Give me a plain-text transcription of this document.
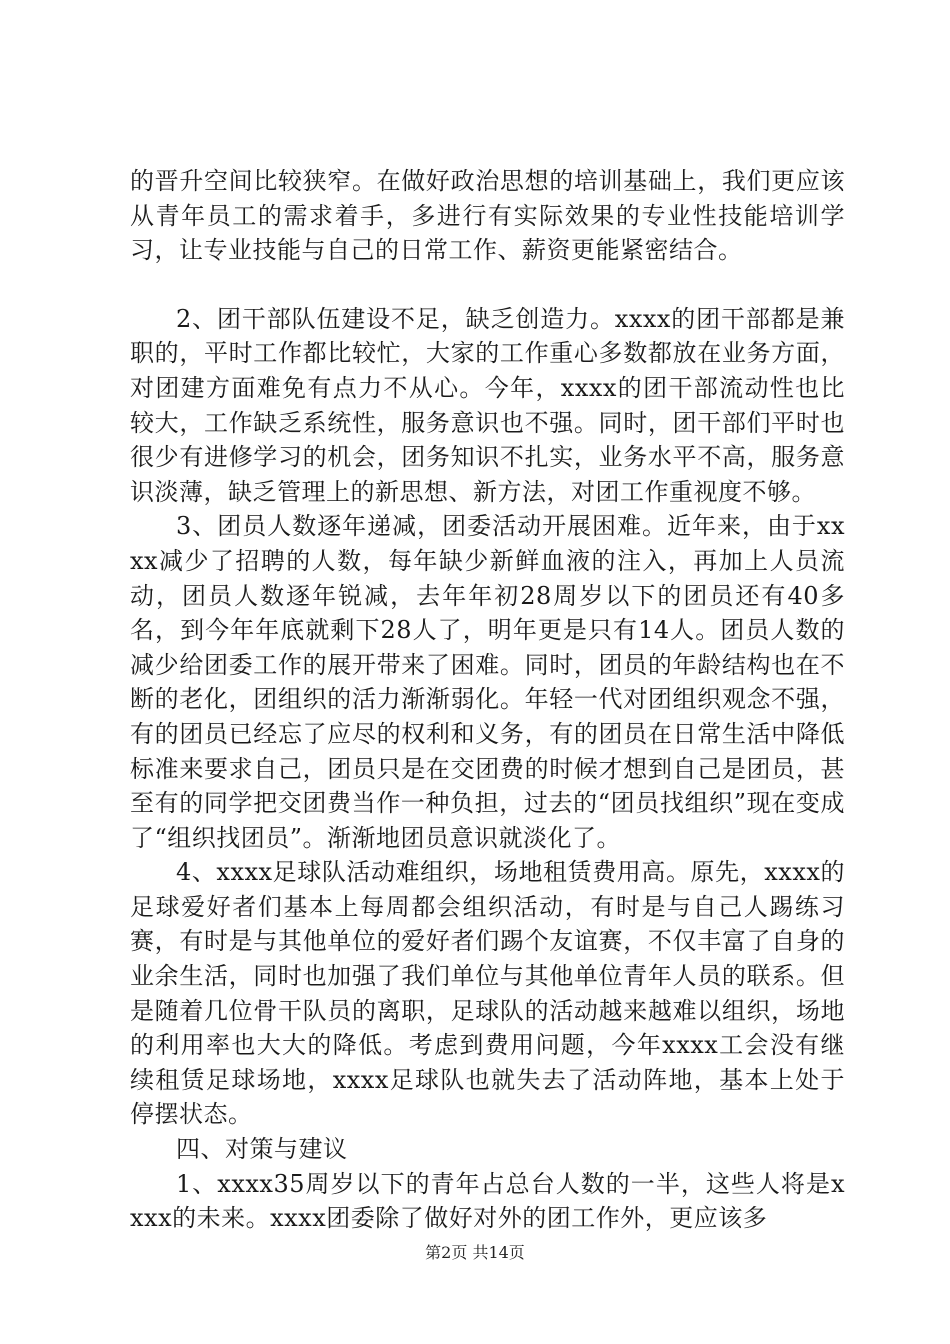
的晋升空间比较狭窄。在做好政治思想的培训基础上，我们更应该从青年员工的需求着手，多进行有实际效果的专业性技能培训学习，让专业技能与自己的日常工作、薪资更能紧密结合。

2、团干部队伍建设不足，缺乏创造力。xxxx的团干部都是兼职的，平时工作都比较忙，大家的工作重心多数都放在业务方面，对团建方面难免有点力不从心。今年，xxxx的团干部流动性也比较大，工作缺乏系统性，服务意识也不强。同时，团干部们平时也很少有进修学习的机会，团务知识不扎实，业务水平不高，服务意识淡薄，缺乏管理上的新思想、新方法，对团工作重视度不够。

3、团员人数逐年递减，团委活动开展困难。近年来，由于xxxx减少了招聘的人数，每年缺少新鲜血液的注入，再加上人员流动，团员人数逐年锐减，去年年初28周岁以下的团员还有40多名，到今年年底就剩下28人了，明年更是只有14人。团员人数的减少给团委工作的展开带来了困难。同时，团员的年龄结构也在不断的老化，团组织的活力渐渐弱化。年轻一代对团组织观念不强，有的团员已经忘了应尽的权利和义务，有的团员在日常生活中降低标准来要求自己，团员只是在交团费的时候才想到自己是团员，甚至有的同学把交团费当作一种负担，过去的“团员找组织”现在变成了“组织找团员”。渐渐地团员意识就淡化了。

4、xxxx足球队活动难组织，场地租赁费用高。原先，xxxx的足球爱好者们基本上每周都会组织活动，有时是与自己人踢练习赛，有时是与其他单位的爱好者们踢个友谊赛，不仅丰富了自身的业余生活，同时也加强了我们单位与其他单位青年人员的联系。但是随着几位骨干队员的离职，足球队的活动越来越难以组织，场地的利用率也大大的降低。考虑到费用问题，今年xxxx工会没有继续租赁足球场地，xxxx足球队也就失去了活动阵地，基本上处于停摆状态。

四、对策与建议

1、xxxx35周岁以下的青年占总台人数的一半，这些人将是xxxx的未来。xxxx团委除了做好对外的团工作外，更应该多

第2页 共14页
